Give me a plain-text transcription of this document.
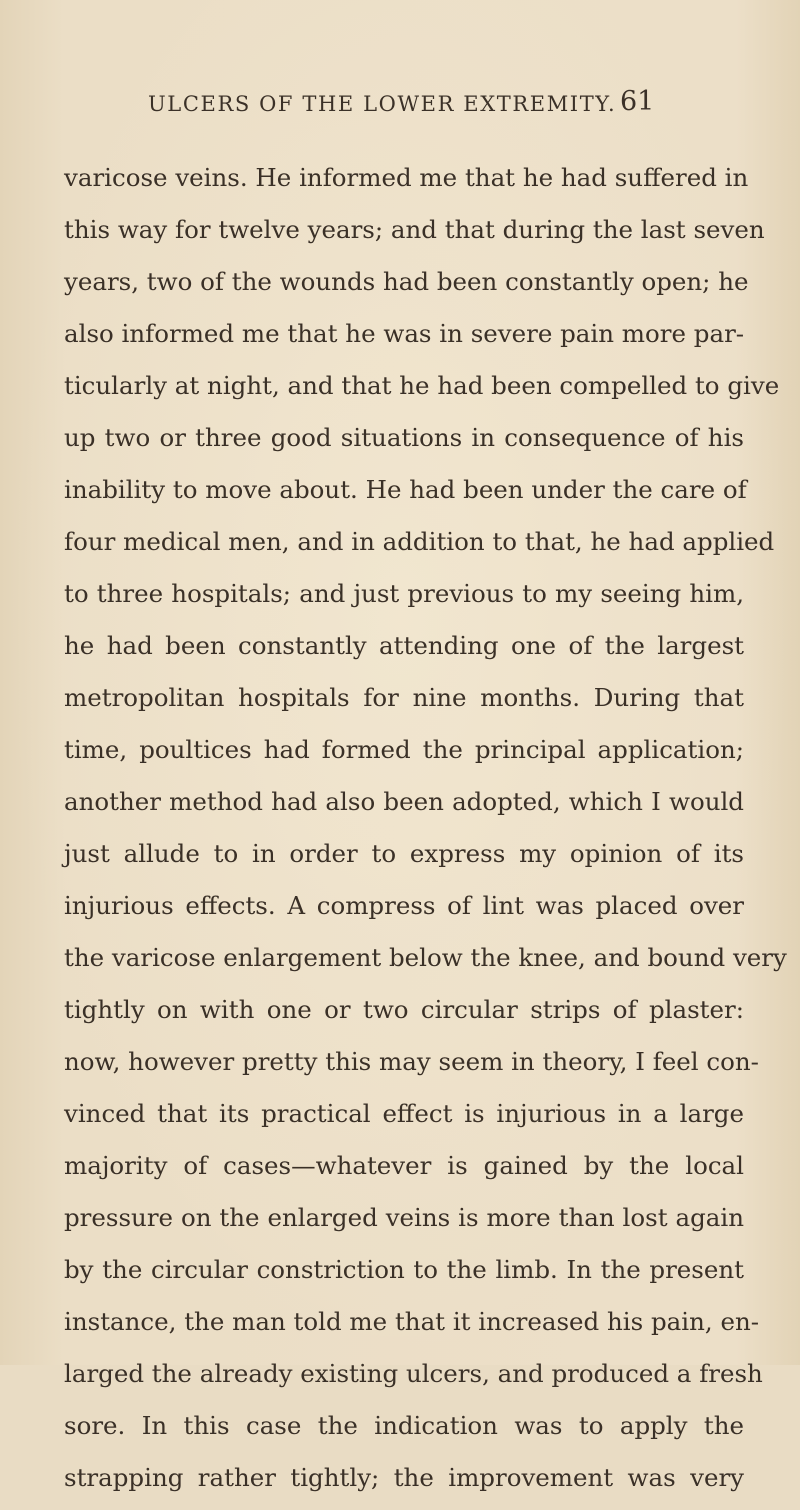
ULCERS OF THE LOWER EXTREMITY. 61
varicose veins. He informed me that he had suffered in
this way for twelve years; and that during the last seven
years, two of the wounds had been constantly open; he
also informed me that he was in severe pain more par-
ticularly at night, and that he had been compelled to give
up two or three good situations in consequence of his
inability to move about. He had been under the care of
four medical men, and in addition to that, he had applied
to three hospitals; and just previous to my seeing him,
he had been constantly attending one of the largest
metropolitan hospitals for nine months. During that
time, poultices had formed the principal application;
another method had also been adopted, which I would
just allude to in order to express my opinion of its
injurious effects. A compress of lint was placed over
the varicose enlargement below the knee, and bound very
tightly on with one or two circular strips of plaster:
now, however pretty this may seem in theory, I feel con-
vinced that its practical effect is injurious in a large
majority of cases—whatever is gained by the local
pressure on the enlarged veins is more than lost again
by the circular constriction to the limb. In the present
instance, the man told me that it increased his pain, en-
larged the already existing ulcers, and produced a fresh
sore. In this case the indication was to apply the
strapping rather tightly; the improvement was very
